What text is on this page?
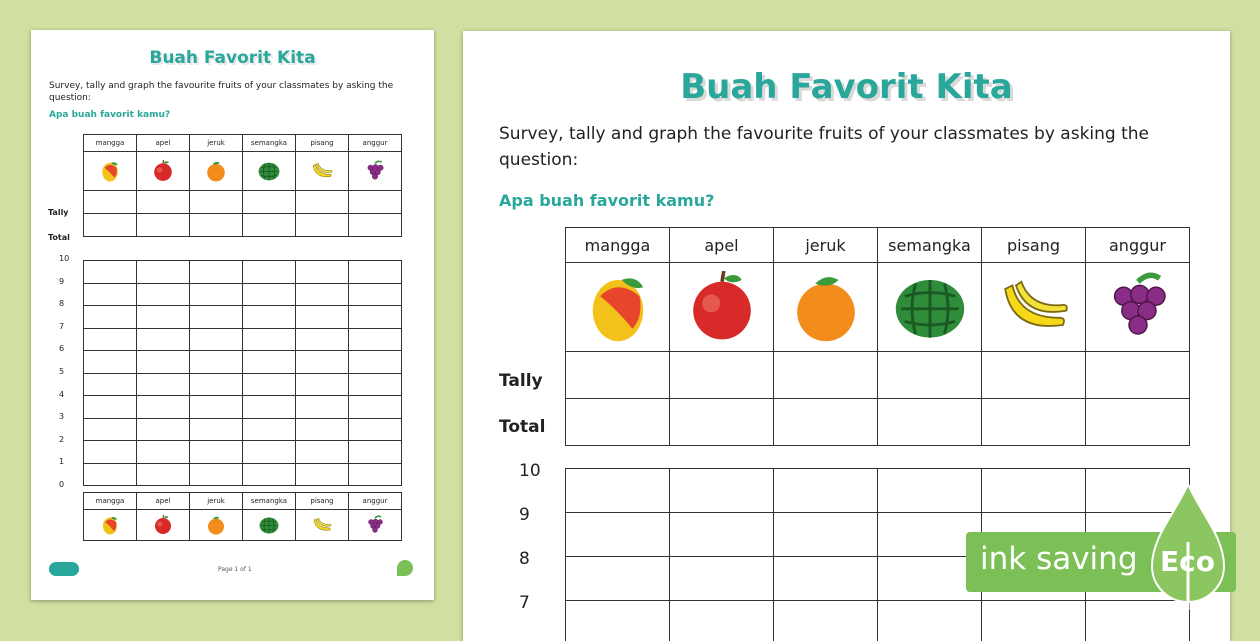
Buah Favorit Kita
Survey, tally and graph the favourite fruits of your classmates by asking the question:
Apa buah favorit kamu?
mangga	apel	jeruk	semangka	pisang	anggur

Tally
Total

10
9
8
7
6
5
4
3
2
1
0
mangga	apel	jeruk	semangka	pisang	anggur

Page 1 of 1
Buah Favorit Kita
Survey, tally and graph the favourite fruits of your classmates by asking the question:
Apa buah favorit kamu?
mangga	apel	jeruk	semangka	pisang	anggur

Tally
Total

10
9
8
7
ink saving Eco
